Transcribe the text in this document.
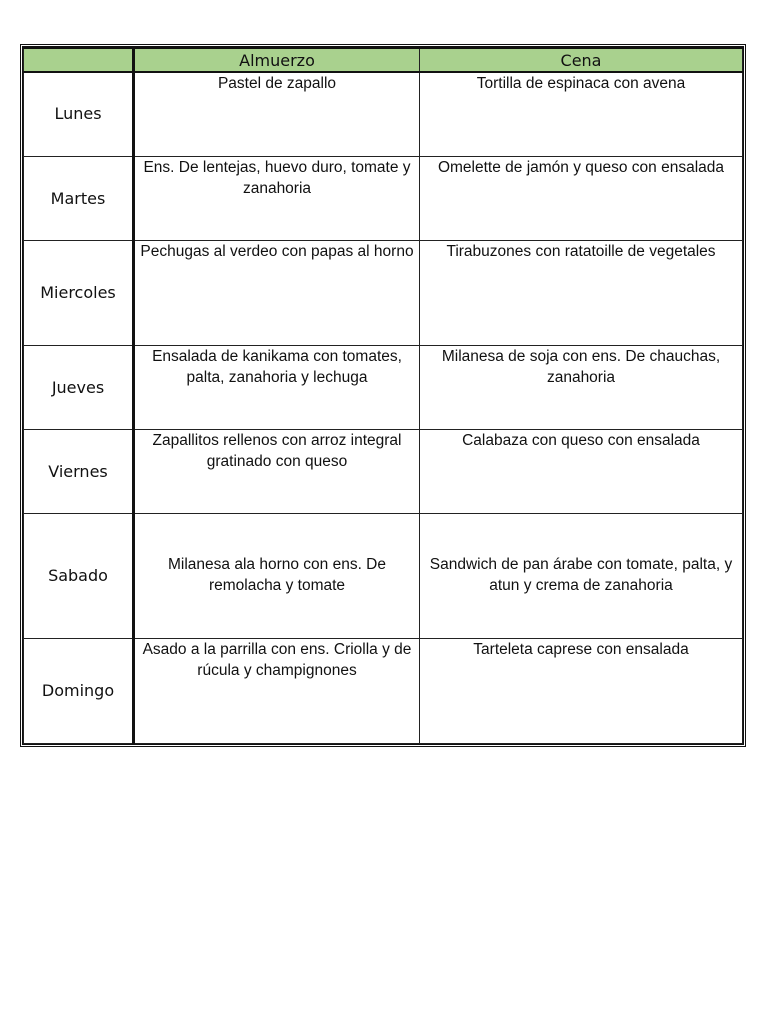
	Almuerzo	Cena
Lunes	Pastel de zapallo	Tortilla de espinaca con avena
Martes	Ens. De lentejas, huevo duro, tomate y zanahoria	Omelette de jamón y queso con ensalada
Miercoles	Pechugas al verdeo con papas al horno	Tirabuzones con ratatoille de vegetales
Jueves	Ensalada de kanikama con tomates, palta, zanahoria y lechuga	Milanesa de soja con ens. De chauchas, zanahoria
Viernes	Zapallitos rellenos con arroz integral gratinado con queso	Calabaza con queso con ensalada
Sabado	Milanesa ala horno con ens. De remolacha y tomate	Sandwich de pan árabe con tomate, palta, y atun y crema de zanahoria
Domingo	Asado a la parrilla con ens. Criolla y de rúcula y champignones	Tarteleta caprese con ensalada
